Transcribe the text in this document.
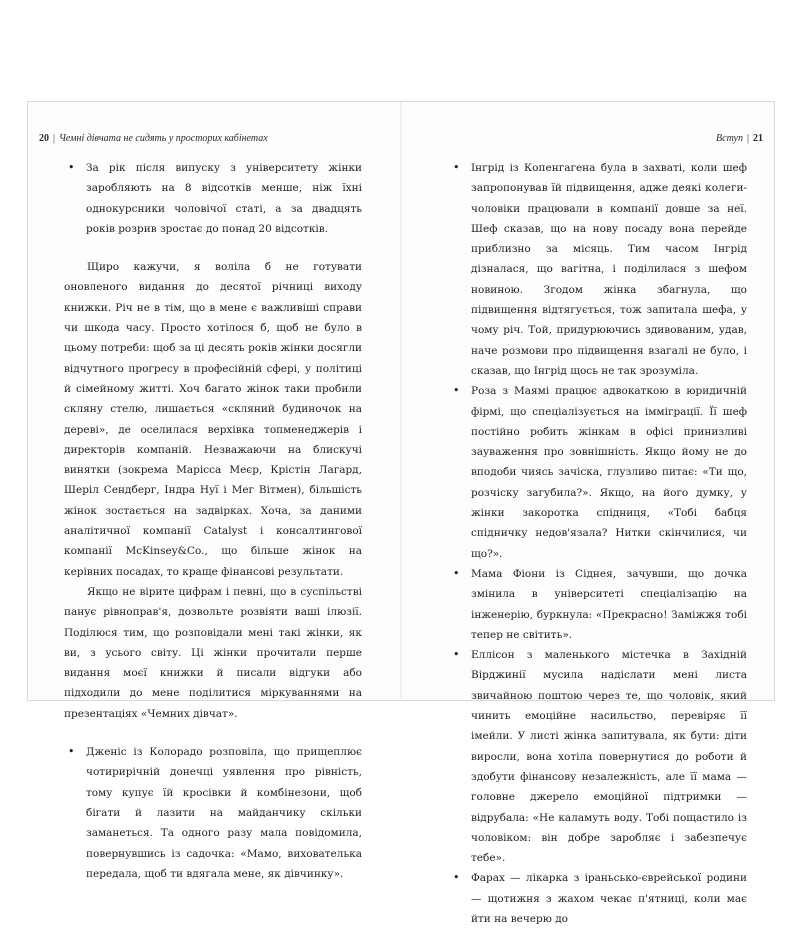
20 | Чемні дівчата не сидять у просторих кабінетах	Вступ | 21

• За рік після випуску з університету жінки заробляють на 8 відсотків менше, ніж їхні однокурсники чоловічої статі, а за двадцять років розрив зростає до понад 20 відсотків.

Щиро кажучи, я воліла б не готувати оновленого видання до десятої річниці виходу книжки. Річ не в тім, що в мене є важливіші справи чи шкода часу. Просто хотілося б, щоб не було в цьому потреби: щоб за ці десять років жінки досягли відчутного прогресу в професійній сфері, у політиці й сімейному житті. Хоч багато жінок таки пробили скляну стелю, лишається «скляний будиночок на дереві», де оселилася верхівка топменеджерів і директорів компаній. Незважаючи на блискучі винятки (зокрема Марісса Меєр, Крістін Лагард, Шеріл Сендберг, Індра Нуї і Мег Вітмен), більшість жінок зостається на задвірках. Хоча, за даними аналітичної компанії Catalyst і консалтингової компанії McKinsey&Co., що більше жінок на керівних посадах, то краще фінансові результати.

Якщо не вірите цифрам і певні, що в суспільстві панує рівноправ'я, дозвольте розвіяти ваші ілюзії. Поділюся тим, що розповідали мені такі жінки, як ви, з усього світу. Ці жінки прочитали перше видання моєї книжки й писали відгуки або підходили до мене поділитися міркуваннями на презентаціях «Чемних дівчат».

• Дженіс із Колорадо розповіла, що прищеплює чотирирічній донечці уявлення про рівність, тому купує їй кросівки й комбінезони, щоб бігати й лазити на майданчику скільки заманеться. Та одного разу мала повідомила, повернувшись із садочка: «Мамо, вихователька передала, щоб ти вдягала мене, як дівчинку».

• Інгрід із Копенгагена була в захваті, коли шеф запропонував їй підвищення, адже деякі колеги-чоловіки працювали в компанії довше за неї. Шеф сказав, що на нову посаду вона перейде приблизно за місяць. Тим часом Інгрід дізналася, що вагітна, і поділилася з шефом новиною. Згодом жінка збагнула, що підвищення відтягується, тож запитала шефа, у чому річ. Той, придурюючись здивованим, удав, наче розмови про підвищення взагалі не було, і сказав, що Інгрід щось не так зрозуміла.

• Роза з Маямі працює адвокаткою в юридичній фірмі, що спеціалізується на імміграції. Її шеф постійно робить жінкам в офісі принизливі зауваження про зовнішність. Якщо йому не до вподоби чиясь зачіска, глузливо питає: «Ти що, розчіску загубила?». Якщо, на його думку, у жінки закоротка спідниця, «Тобі бабця спідничку недов'язала? Нитки скінчилися, чи що?».

• Мама Фіони із Сіднея, зачувши, що дочка змінила в університеті спеціалізацію на інженерію, буркнула: «Прекрасно! Заміжжя тобі тепер не світить».

• Еллісон з маленького містечка в Західній Вірджинії мусила надіслати мені листа звичайною поштою через те, що чоловік, який чинить емоційне насильство, перевіряє її імейли. У листі жінка запитувала, як бути: діти виросли, вона хотіла повернутися до роботи й здобути фінансову незалежність, але її мама — головне джерело емоційної підтримки — відрубала: «Не каламуть воду. Тобі пощастило із чоловіком: він добре заробляє і забезпечує тебе».

• Фарах — лікарка з іраньсько-єврейської родини — щотижня з жахом чекає п'ятниці, коли має йти на вечерю до
